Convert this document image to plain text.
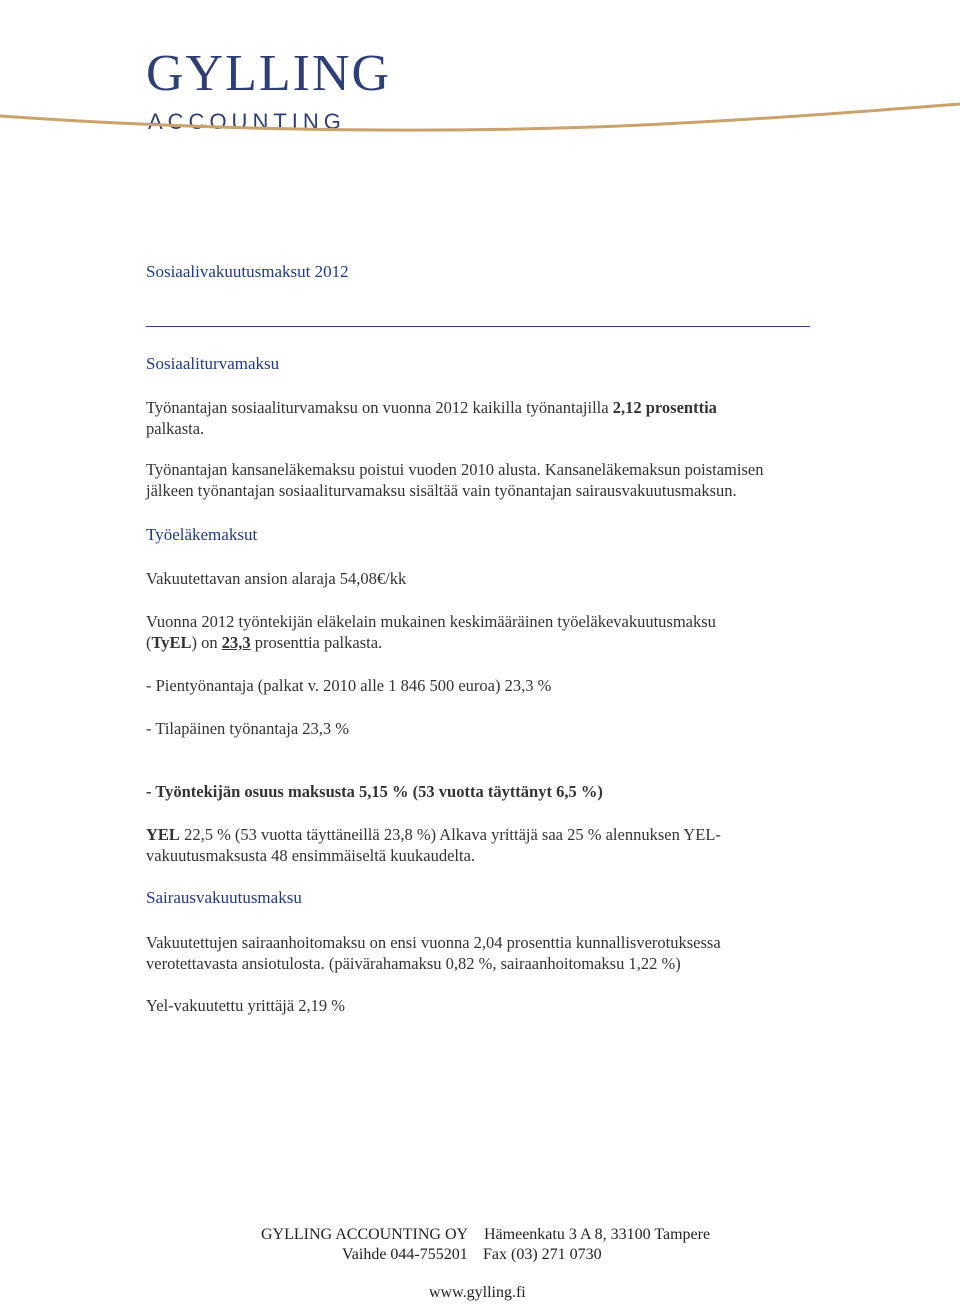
GYLLING
ACCOUNTING
Sosiaalivakuutusmaksut 2012
Sosiaaliturvamaksu
Työnantajan sosiaaliturvamaksu on vuonna 2012 kaikilla työnantajilla 2,12 prosenttia
palkasta.
Työnantajan kansaneläkemaksu poistui vuoden 2010 alusta. Kansaneläkemaksun poistamisen
jälkeen työnantajan sosiaaliturvamaksu sisältää vain työnantajan sairausvakuutusmaksun.
Työeläkemaksut
Vakuutettavan ansion alaraja 54,08€/kk
Vuonna 2012 työntekijän eläkelain mukainen keskimääräinen työeläkevakuutusmaksu
(TyEL) on 23,3 prosenttia palkasta.
- Pientyönantaja (palkat v. 2010 alle 1 846 500 euroa) 23,3 %
- Tilapäinen työnantaja 23,3 %
- Työntekijän osuus maksusta 5,15 % (53 vuotta täyttänyt 6,5 %)
YEL 22,5 % (53 vuotta täyttäneillä 23,8 %) Alkava yrittäjä saa 25 % alennuksen YEL-
vakuutusmaksusta 48 ensimmäiseltä kuukaudelta.
Sairausvakuutusmaksu
Vakuutettujen sairaanhoitomaksu on ensi vuonna 2,04 prosenttia kunnallisverotuksessa
verotettavasta ansiotulosta. (päivärahamaksu 0,82 %, sairaanhoitomaksu 1,22 %)
Yel-vakuutettu yrittäjä 2,19 %
GYLLING ACCOUNTING OY Hämeenkatu 3 A 8, 33100 Tampere
Vaihde 044-755201 Fax (03) 271 0730
www.gylling.fi
